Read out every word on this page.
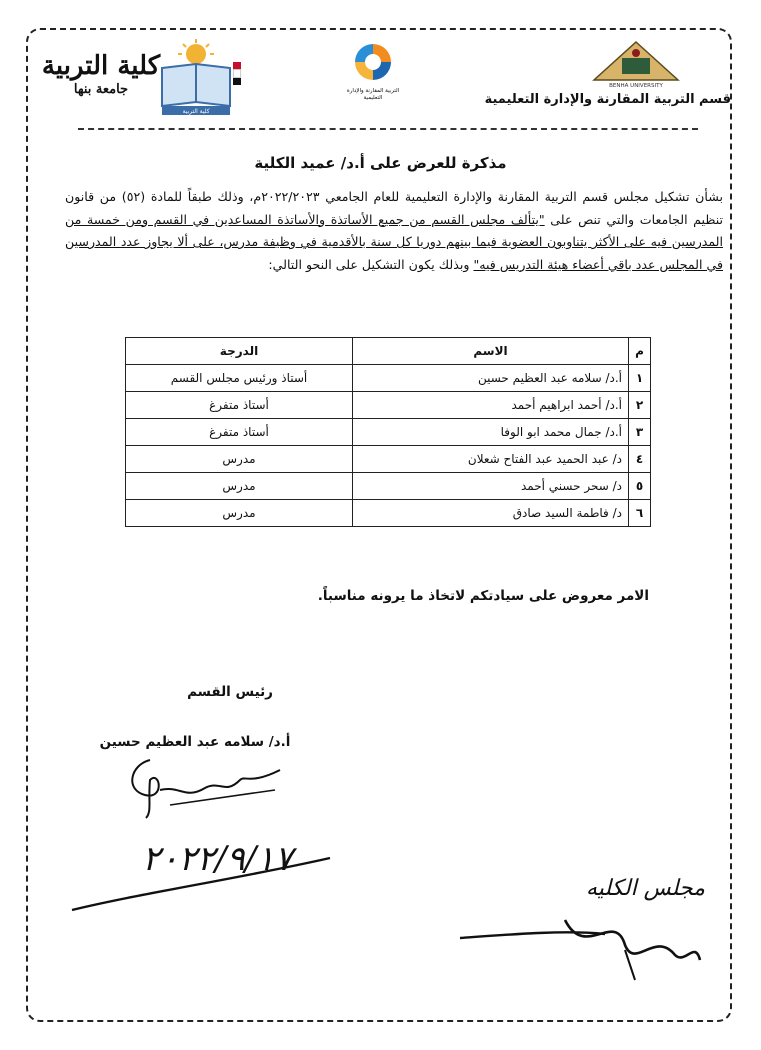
كلية التربية
جامعة بنها
كلية التربية
التربية المقارنة والإدارة التعليمية
BENHA UNIVERSITY
قسم التربية المقارنة والإدارة التعليمية
مذكرة للعرض على أ.د/ عميد الكلية
بشأن تشكيل مجلس قسم التربية المقارنة والإدارة التعليمية للعام الجامعي ٢٠٢٢/٢٠٢٣م، وذلك طبقاً للمادة (٥٢) من قانون تنظيم الجامعات والتي تنص على "يتألف مجلس القسم من جميع الأساتذة والأساتذة المساعدين في القسم ومن خمسة من المدرسين فيه على الأكثر يتناوبون العضوية فيما بينهم دوريا كل سنة بالأقدمية في وظيفة مدرس، على ألا يجاوز عدد المدرسين في المجلس عدد باقي أعضاء هيئة التدريس فيه" وبذلك يكون التشكيل على النحو التالي:
م	الاسم	الدرجة
١	أ.د/ سلامه عبد العظيم حسين	أستاذ ورئيس مجلس القسم
٢	أ.د/ أحمد ابراهيم أحمد	أستاذ متفرغ
٣	أ.د/ جمال محمد ابو الوفا	أستاذ متفرغ
٤	د/ عبد الحميد عبد الفتاح شعلان	مدرس
٥	د/ سحر حسني أحمد	مدرس
٦	د/ فاطمة السيد صادق	مدرس
الامر معروض على سيادتكم لاتخاذ ما يرونه مناسباً.
رئيس القسم
أ.د/ سلامه عبد العظيم حسين
٢٠٢٢/٩/١٧
مجلس الكليه
